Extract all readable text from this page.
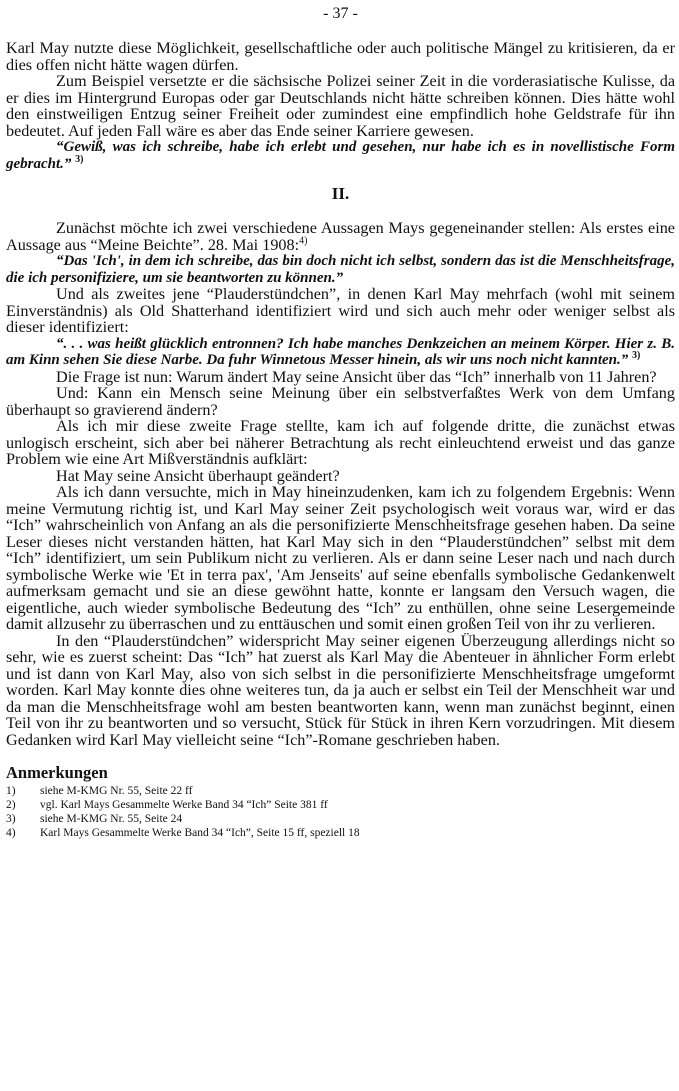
- 37 -

Karl May nutzte diese Möglichkeit, gesellschaftliche oder auch politische Mängel zu kritisieren, da er dies offen nicht hätte wagen dürfen.

Zum Beispiel versetzte er die sächsische Polizei seiner Zeit in die vorderasiatische Kulisse, da er dies im Hintergrund Europas oder gar Deutschlands nicht hätte schreiben können. Dies hätte wohl den einstweiligen Entzug seiner Freiheit oder zumindest eine empfindlich hohe Geldstrafe für ihn bedeutet. Auf jeden Fall wäre es aber das Ende seiner Karriere gewesen.

“Gewiß, was ich schreibe, habe ich erlebt und gesehen, nur habe ich es in novellistische Form gebracht.” $^{3)}$

II.

Zunächst möchte ich zwei verschiedene Aussagen Mays gegeneinander stellen: Als erstes eine Aussage aus “Meine Beichte”. 28. Mai 1908:$^{4)}$

“Das 'Ich', in dem ich schreibe, das bin doch nicht ich selbst, sondern das ist die Menschheitsfrage, die ich personifiziere, um sie beantworten zu können.”

Und als zweites jene “Plauderstündchen”, in denen Karl May mehrfach (wohl mit seinem Einverständnis) als Old Shatterhand identifiziert wird und sich auch mehr oder weniger selbst als dieser identifiziert:

“. . . was heißt glücklich entronnen? Ich habe manches Denkzeichen an meinem Körper. Hier z. B. am Kinn sehen Sie diese Narbe. Da fuhr Winnetous Messer hinein, als wir uns noch nicht kannten.” $^{3)}$

Die Frage ist nun: Warum ändert May seine Ansicht über das “Ich” innerhalb von 11 Jahren?

Und: Kann ein Mensch seine Meinung über ein selbstverfaßtes Werk von dem Umfang überhaupt so gravierend ändern?

Als ich mir diese zweite Frage stellte, kam ich auf folgende dritte, die zunächst etwas unlogisch erscheint, sich aber bei näherer Betrachtung als recht einleuchtend erweist und das ganze Problem wie eine Art Mißverständnis aufklärt:

Hat May seine Ansicht überhaupt geändert?

Als ich dann versuchte, mich in May hineinzudenken, kam ich zu folgendem Ergebnis: Wenn meine Vermutung richtig ist, und Karl May seiner Zeit psychologisch weit voraus war, wird er das “Ich” wahrscheinlich von Anfang an als die personifizierte Menschheitsfrage gesehen haben. Da seine Leser dieses nicht verstanden hätten, hat Karl May sich in den “Plauderstündchen” selbst mit dem “Ich” identifiziert, um sein Publikum nicht zu verlieren. Als er dann seine Leser nach und nach durch symbolische Werke wie 'Et in terra pax', 'Am Jenseits' auf seine ebenfalls symbolische Gedankenwelt aufmerksam gemacht und sie an diese gewöhnt hatte, konnte er langsam den Versuch wagen, die eigentliche, auch wieder symbolische Bedeutung des “Ich” zu enthüllen, ohne seine Lesergemeinde damit allzusehr zu überraschen und zu enttäuschen und somit einen großen Teil von ihr zu verlieren.

In den “Plauderstündchen” widerspricht May seiner eigenen Überzeugung allerdings nicht so sehr, wie es zuerst scheint: Das “Ich” hat zuerst als Karl May die Abenteuer in ähnlicher Form erlebt und ist dann von Karl May, also von sich selbst in die personifizierte Menschheitsfrage umgeformt worden. Karl May konnte dies ohne weiteres tun, da ja auch er selbst ein Teil der Menschheit war und da man die Menschheitsfrage wohl am besten beantworten kann, wenn man zunächst beginnt, einen Teil von ihr zu beantworten und so versucht, Stück für Stück in ihren Kern vorzudringen. Mit diesem Gedanken wird Karl May vielleicht seine “Ich”-Romane geschrieben haben.

Anmerkungen
1)	siehe M-KMG Nr. 55, Seite 22 ff
2)	vgl. Karl Mays Gesammelte Werke Band 34 “Ich” Seite 381 ff
3)	siehe M-KMG Nr. 55, Seite 24
4)	Karl Mays Gesammelte Werke Band 34 “Ich”, Seite 15 ff, speziell 18
